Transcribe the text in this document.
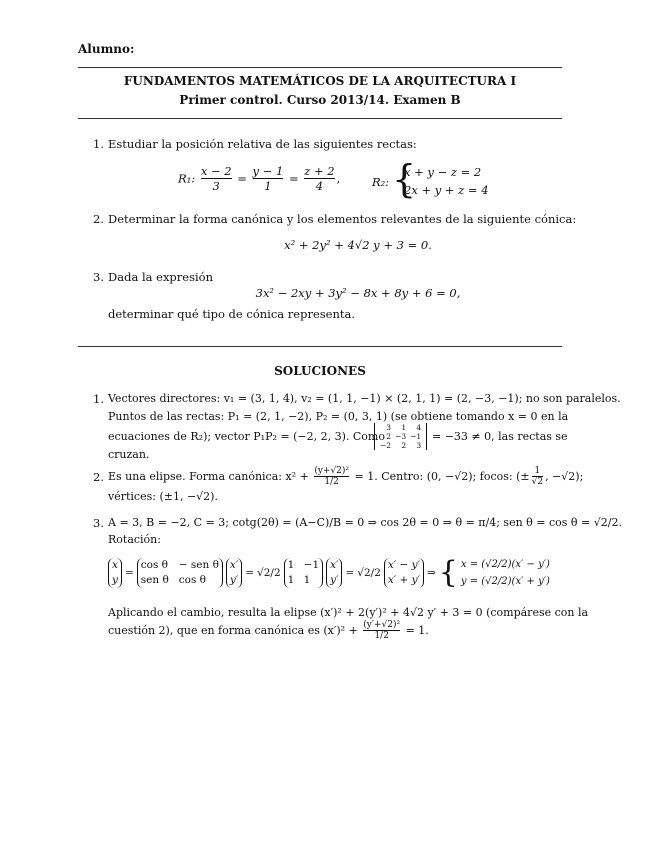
Alumno:
FUNDAMENTOS MATEMÁTICOS DE LA ARQUITECTURA I
Primer control. Curso 2013/14. Examen B
1. Estudiar la posición relativa de las siguientes rectas:
R₁: $\frac{x - 2}{3} = \frac{y - 1}{1} = \frac{z + 2}{4}$ ,	R₂: {
x + y − z = 2
2x + y + z = 4
2. Determinar la forma canónica y los elementos relevantes de la siguiente cónica:
x² + 2y² + 4√2 y + 3 = 0.
3. Dada la expresión
3x² − 2xy + 3y² − 8x + 8y + 6 = 0,
determinar qué tipo de cónica representa.
SOLUCIONES
1. Vectores directores: v₁ = (3, 1, 4), v₂ = (1, 1, −1) × (2, 1, 1) = (2, −3, −1); no son paralelos.
Puntos de las rectas: P₁ = (2, 1, −2), P₂ = (0, 3, 1) (se obtiene tomando x = 0 en la
ecuaciones de R₂); vector P₁P₂ = (−2, 2, 3). Como
3	1	4
2	−3	−1
−2	2	3
= −33 ≠ 0, las rectas se
cruzan.
2. Es una elipse. Forma canónica: $x^2 + \frac{\text{(y+√2)²}}{1/2} = 1$. Centro: (0, −√2); focos: (± $\frac{1}{√2}$ , −√2);
vértices: (±1, −√2).
3. A = 3, B = −2, C = 3; cotg(2θ) = (A−C)/B = 0 ⇒ cos 2θ = 0 ⇒ θ = π/4; sen θ = cos θ = √2/2.
Rotación:
x
y
=
cos θ − sen θ
sen θ cos θ
x′
y′
= √2/2
1 −1
1 1
x′
y′
= √2/2
x′ − y′
x′ + y′
⇒ { x = (√2/2)(x′ − y′)
y = (√2/2)(x′ + y′)
Aplicando el cambio, resulta la elipse (x′)² + 2(y′)² + 4√2 y′ + 3 = 0 (compárese con la
cuestión 2), que en forma canónica es $(x')^2 + \frac{\text{(y′+√2)²}}{1/2} = 1$.
